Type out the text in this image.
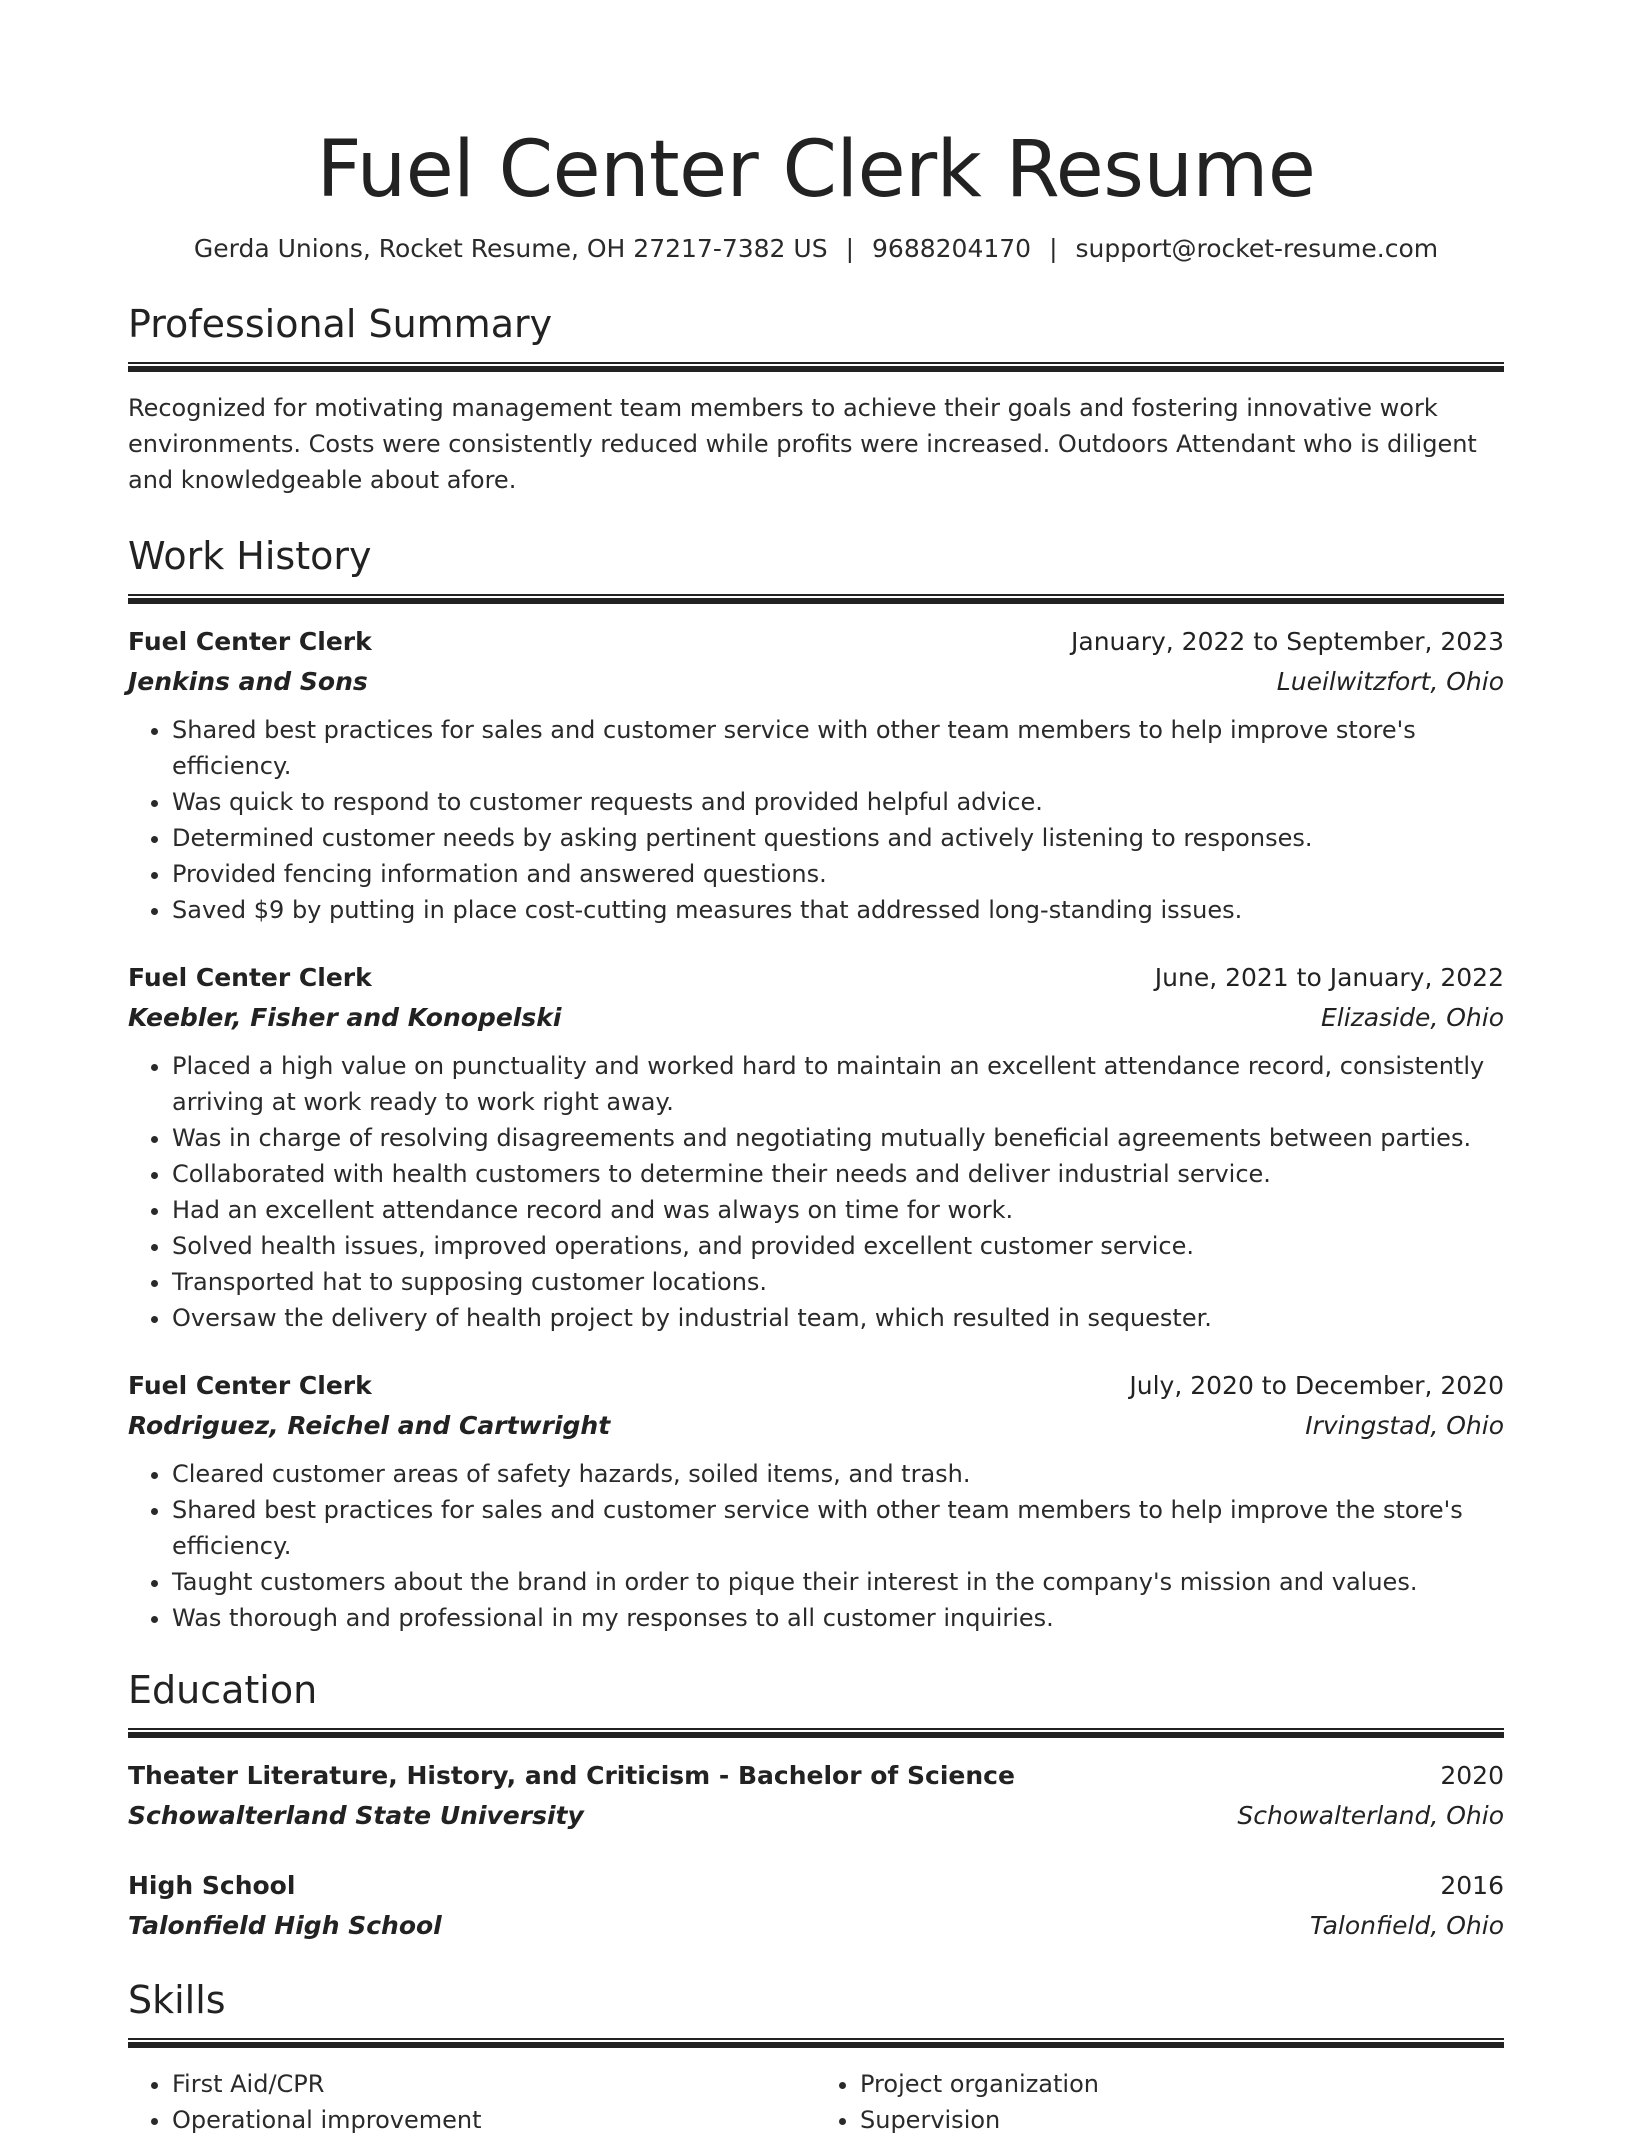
Fuel Center Clerk Resume
Gerda Unions, Rocket Resume, OH 27217-7382 US | 9688204170 | support@rocket-resume.com
Professional Summary

Recognized for motivating management team members to achieve their goals and fostering innovative work environments. Costs were consistently reduced while profits were increased. Outdoors Attendant who is diligent and knowledgeable about afore.

Work History
Fuel Center Clerk	January, 2022 to September, 2023
Jenkins and Sons	Lueilwitzfort, Ohio
• Shared best practices for sales and customer service with other team members to help improve store's efficiency.
• Was quick to respond to customer requests and provided helpful advice.
• Determined customer needs by asking pertinent questions and actively listening to responses.
• Provided fencing information and answered questions.
• Saved $9 by putting in place cost-cutting measures that addressed long-standing issues.
Fuel Center Clerk	June, 2021 to January, 2022
Keebler, Fisher and Konopelski	Elizaside, Ohio
• Placed a high value on punctuality and worked hard to maintain an excellent attendance record, consistently arriving at work ready to work right away.
• Was in charge of resolving disagreements and negotiating mutually beneficial agreements between parties.
• Collaborated with health customers to determine their needs and deliver industrial service.
• Had an excellent attendance record and was always on time for work.
• Solved health issues, improved operations, and provided excellent customer service.
• Transported hat to supposing customer locations.
• Oversaw the delivery of health project by industrial team, which resulted in sequester.
Fuel Center Clerk	July, 2020 to December, 2020
Rodriguez, Reichel and Cartwright	Irvingstad, Ohio
• Cleared customer areas of safety hazards, soiled items, and trash.
• Shared best practices for sales and customer service with other team members to help improve the store's efficiency.
• Taught customers about the brand in order to pique their interest in the company's mission and values.
• Was thorough and professional in my responses to all customer inquiries.
Education
Theater Literature, History, and Criticism - Bachelor of Science	2020
Schowalterland State University	Schowalterland, Ohio
High School	2016
Talonfield High School	Talonfield, Ohio
Skills
• First Aid/CPR
• Operational improvement
• Project organization
• Supervision
